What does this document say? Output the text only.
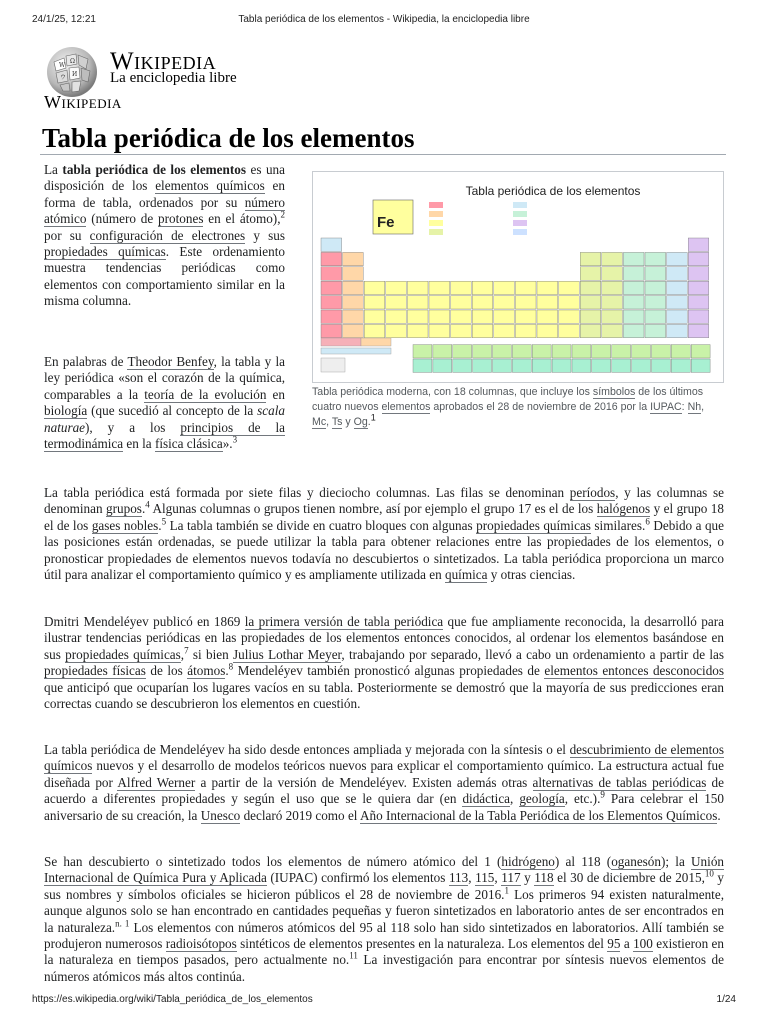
24/1/25, 12:21	Tabla periódica de los elementos - Wikipedia, la enciclopedia libre
W
Ω
И
ウ
Wikipedia
La enciclopedia libre
Wikipedia
Tabla periódica de los elementos
Tabla periódica de los elementos
Fe
Tabla periódica moderna, con 18 columnas, que incluye los símbolos de los últimos cuatro nuevos elementos aprobados el 28 de noviembre de 2016 por la IUPAC: Nh, Mc, Ts y Og.$^1$

La tabla periódica de los elementos es una disposición de los elementos químicos en forma de tabla, ordenados por su número atómico (número de protones en el átomo),$^2$ por su configuración de electrones y sus propiedades químicas. Este ordenamiento muestra tendencias periódicas como elementos con comportamiento similar en la misma columna.

En palabras de Theodor Benfey, la tabla y la ley periódica «son el corazón de la química, comparables a la teoría de la evolución en biología (que sucedió al concepto de la scala naturae), y a los principios de la termodinámica en la física clásica».$^3$

La tabla periódica está formada por siete filas y dieciocho columnas. Las filas se denominan períodos, y las columnas se denominan grupos.$^4$ Algunas columnas o grupos tienen nombre, así por ejemplo el grupo 17 es el de los halógenos y el grupo 18 el de los gases nobles.$^5$ La tabla también se divide en cuatro bloques con algunas propiedades químicas similares.$^6$ Debido a que las posiciones están ordenadas, se puede utilizar la tabla para obtener relaciones entre las propiedades de los elementos, o pronosticar propiedades de elementos nuevos todavía no descubiertos o sintetizados. La tabla periódica proporciona un marco útil para analizar el comportamiento químico y es ampliamente utilizada en química y otras ciencias.

Dmitri Mendeléyev publicó en 1869 la primera versión de tabla periódica que fue ampliamente reconocida, la desarrolló para ilustrar tendencias periódicas en las propiedades de los elementos entonces conocidos, al ordenar los elementos basándose en sus propiedades químicas,$^7$ si bien Julius Lothar Meyer, trabajando por separado, llevó a cabo un ordenamiento a partir de las propiedades físicas de los átomos.$^8$ Mendeléyev también pronosticó algunas propiedades de elementos entonces desconocidos que anticipó que ocuparían los lugares vacíos en su tabla. Posteriormente se demostró que la mayoría de sus predicciones eran correctas cuando se descubrieron los elementos en cuestión.

La tabla periódica de Mendeléyev ha sido desde entonces ampliada y mejorada con la síntesis o el descubrimiento de elementos químicos nuevos y el desarrollo de modelos teóricos nuevos para explicar el comportamiento químico. La estructura actual fue diseñada por Alfred Werner a partir de la versión de Mendeléyev. Existen además otras alternativas de tablas periódicas de acuerdo a diferentes propiedades y según el uso que se le quiera dar (en didáctica, geología, etc.).$^9$ Para celebrar el 150 aniversario de su creación, la Unesco declaró 2019 como el Año Internacional de la Tabla Periódica de los Elementos Químicos.

Se han descubierto o sintetizado todos los elementos de número atómico del 1 (hidrógeno) al 118 (oganesón); la Unión Internacional de Química Pura y Aplicada (IUPAC) confirmó los elementos 113, 115, 117 y 118 el 30 de diciembre de 2015,10 y sus nombres y símbolos oficiales se hicieron públicos el 28 de noviembre de 2016.$^1$ Los primeros 94 existen naturalmente, aunque algunos solo se han encontrado en cantidades pequeñas y fueron sintetizados en laboratorio antes de ser encontrados en la naturaleza.$^{n. 1}$ Los elementos con números atómicos del 95 al 118 solo han sido sintetizados en laboratorios. Allí también se produjeron numerosos radioisótopos sintéticos de elementos presentes en la naturaleza. Los elementos del 95 a 100 existieron en la naturaleza en tiempos pasados, pero actualmente no.$^{11}$ La investigación para encontrar por síntesis nuevos elementos de números atómicos más altos continúa.

https://es.wikipedia.org/wiki/Tabla_periódica_de_los_elementos	1/24
